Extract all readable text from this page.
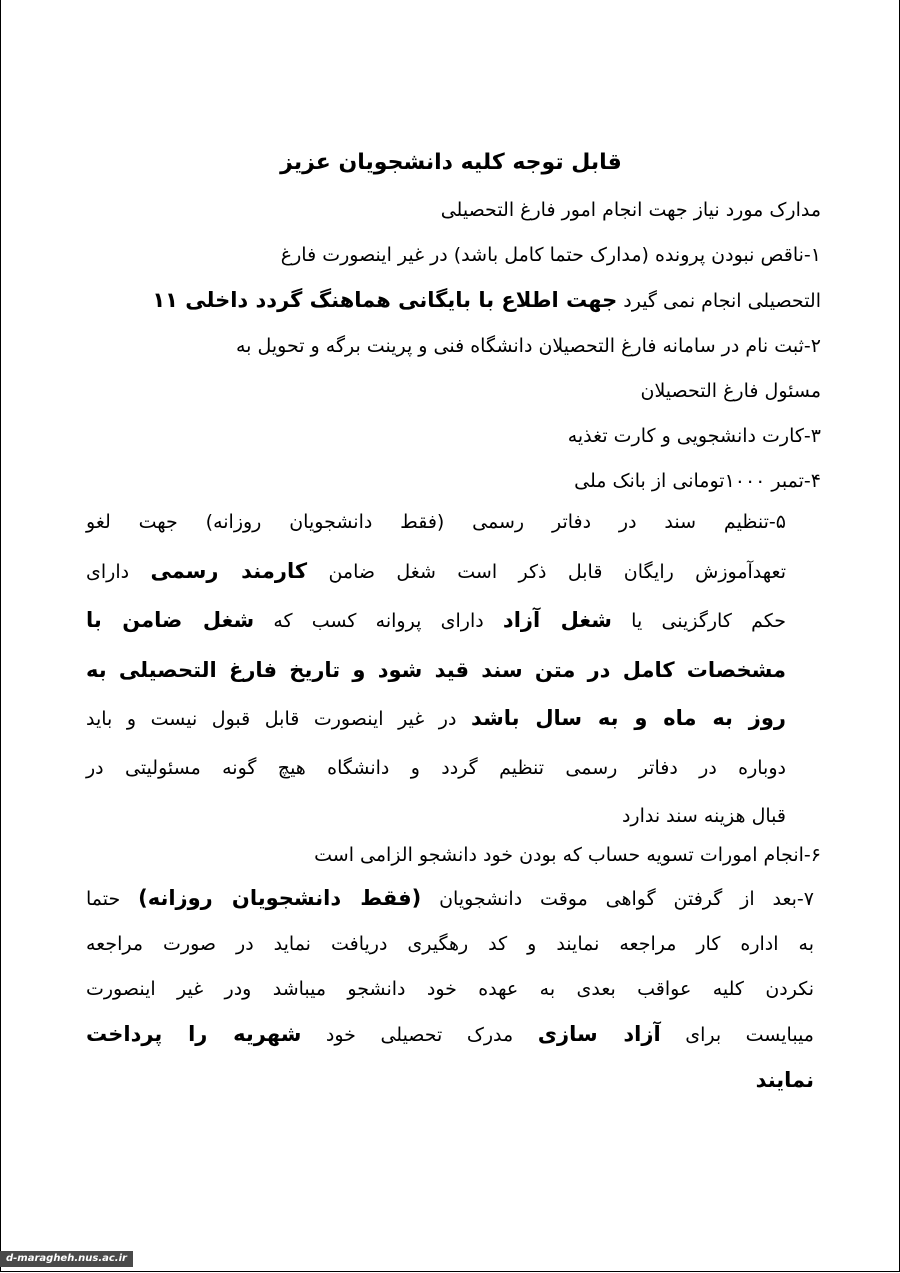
قابل توجه کلیه دانشجویان عزیز
مدارک مورد نیاز جهت انجام امور فارغ التحصیلی
۱-ناقص نبودن پرونده (مدارک حتما کامل باشد) در غیر اینصورت فارغ
التحصیلی انجام نمی گیرد جهت اطلاع با بایگانی هماهنگ گردد داخلی ۱۱
۲-ثبت نام در سامانه فارغ التحصیلان دانشگاه فنی و پرینت برگه و تحویل به
مسئول فارغ التحصیلان
۳-کارت دانشجویی و کارت تغذیه
۴-تمبر ۱۰۰۰تومانی از بانک ملی
۵-تنظیم سند در دفاتر رسمی (فقط دانشجویان روزانه) جهت لغو
تعهدآموزش رایگان قابل ذکر است شغل ضامن کارمند رسمی دارای
حکم کارگزینی یا شغل آزاد دارای پروانه کسب که شغل ضامن با
مشخصات کامل در متن سند قید شود و تاریخ فارغ التحصیلی به
روز به ماه و به سال باشد در غیر اینصورت قابل قبول نیست و باید
دوباره در دفاتر رسمی تنظیم گردد و دانشگاه هیچ گونه مسئولیتی در
قبال هزینه سند ندارد
۶-انجام امورات تسویه حساب که بودن خود دانشجو الزامی است
۷-بعد از گرفتن گواهی موقت دانشجویان (فقط دانشجویان روزانه) حتما
به اداره کار مراجعه نمایند و کد رهگیری دریافت نماید در صورت مراجعه
نکردن کلیه عواقب بعدی به عهده خود دانشجو میباشد ودر غیر اینصورت
میبایست برای آزاد سازی مدرک تحصیلی خود شهریه را پرداخت
نمایند
d-maragheh.nus.ac.ir
